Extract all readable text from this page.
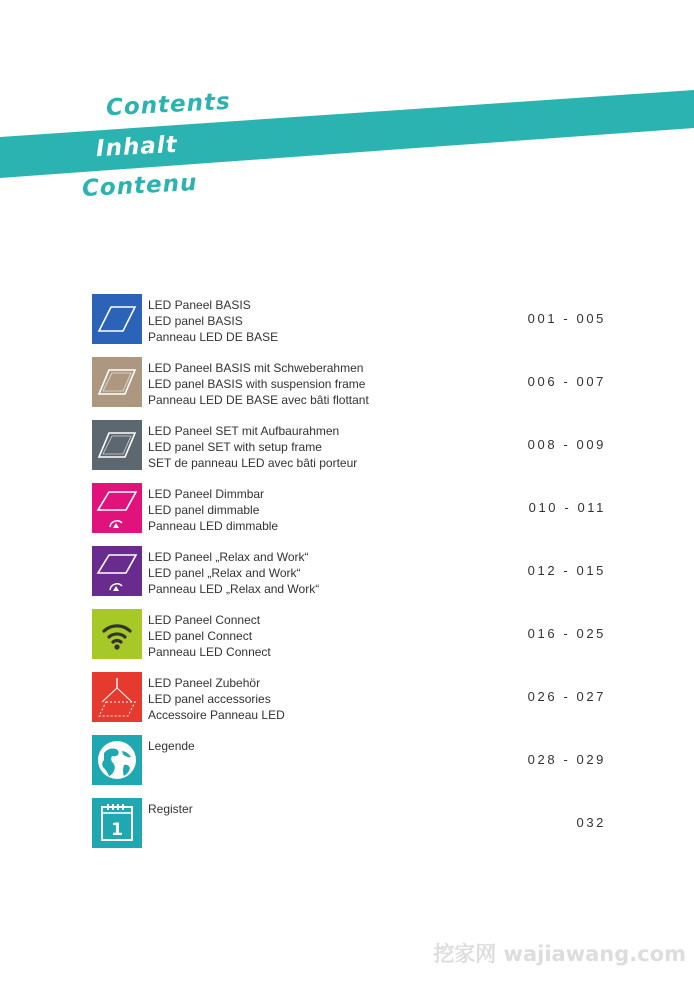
Contents
Inhalt
Contenu
LED Paneel BASIS
LED panel BASIS
Panneau LED DE BASE
001 - 005
LED Paneel BASIS mit Schweberahmen
LED panel BASIS with suspension frame
Panneau LED DE BASE avec bâti flottant
006 - 007
LED Paneel SET mit Aufbaurahmen
LED panel SET with setup frame
SET de panneau LED avec bâti porteur
008 - 009
LED Paneel Dimmbar
LED panel dimmable
Panneau LED dimmable
010 - 011
LED Paneel „Relax and Work“
LED panel „Relax and Work“
Panneau LED „Relax and Work“
012 - 015
LED Paneel Connect
LED panel Connect
Panneau LED Connect
016 - 025
LED Paneel Zubehör
LED panel accessories
Accessoire Panneau LED
026 - 027
Legende
028 - 029
1
Register
032
挖家网 wajiawang.com
